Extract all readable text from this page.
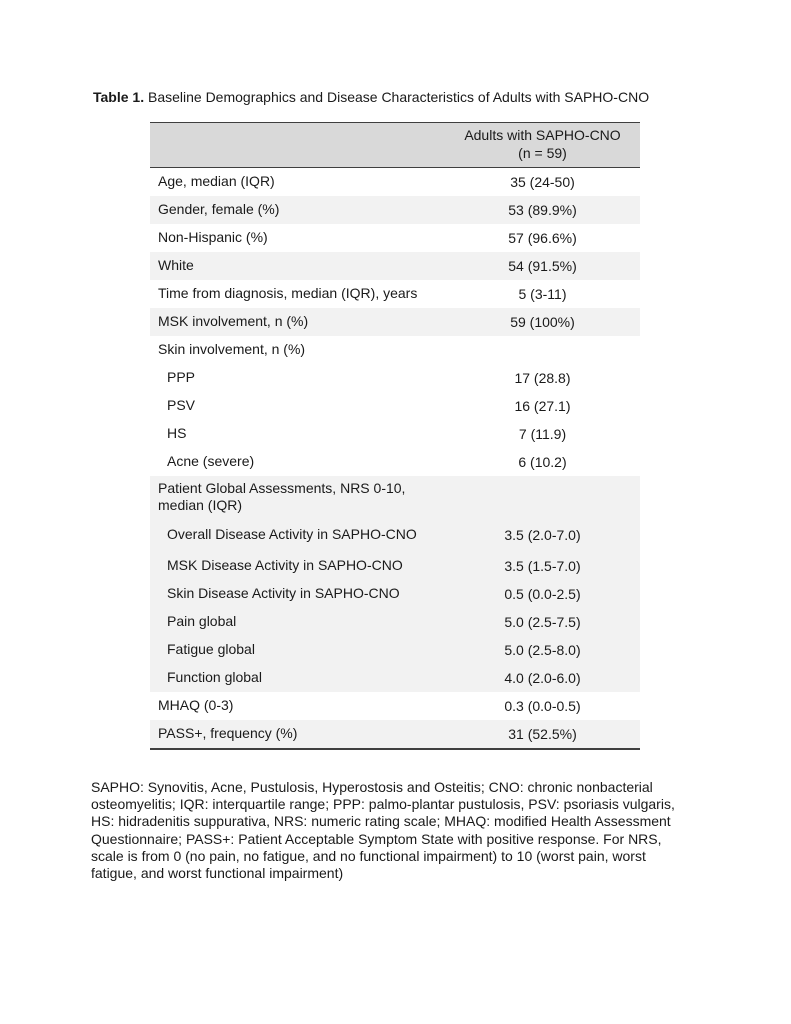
Table 1. Baseline Demographics and Disease Characteristics of Adults with SAPHO-CNO
Adults with SAPHO-CNO
(n = 59)
Age, median (IQR)	35 (24-50)
Gender, female (%)	53 (89.9%)
Non-Hispanic (%)	57 (96.6%)
White	54 (91.5%)
Time from diagnosis, median (IQR), years	5 (3-11)
MSK involvement, n (%)	59 (100%)
Skin involvement, n (%)
PPP	17 (28.8)
PSV	16 (27.1)
HS	7 (11.9)
Acne (severe)	6 (10.2)
Patient Global Assessments, NRS 0-10, median (IQR)
Overall Disease Activity in SAPHO-CNO	3.5 (2.0-7.0)
MSK Disease Activity in SAPHO-CNO	3.5 (1.5-7.0)
Skin Disease Activity in SAPHO-CNO	0.5 (0.0-2.5)
Pain global	5.0 (2.5-7.5)
Fatigue global	5.0 (2.5-8.0)
Function global	4.0 (2.0-6.0)
MHAQ (0-3)	0.3 (0.0-0.5)
PASS+, frequency (%)	31 (52.5%)
SAPHO: Synovitis, Acne, Pustulosis, Hyperostosis and Osteitis; CNO: chronic nonbacterial
osteomyelitis; IQR: interquartile range; PPP: palmo-plantar pustulosis, PSV: psoriasis vulgaris,
HS: hidradenitis suppurativa, NRS: numeric rating scale; MHAQ: modified Health Assessment
Questionnaire; PASS+: Patient Acceptable Symptom State with positive response. For NRS,
scale is from 0 (no pain, no fatigue, and no functional impairment) to 10 (worst pain, worst
fatigue, and worst functional impairment)
